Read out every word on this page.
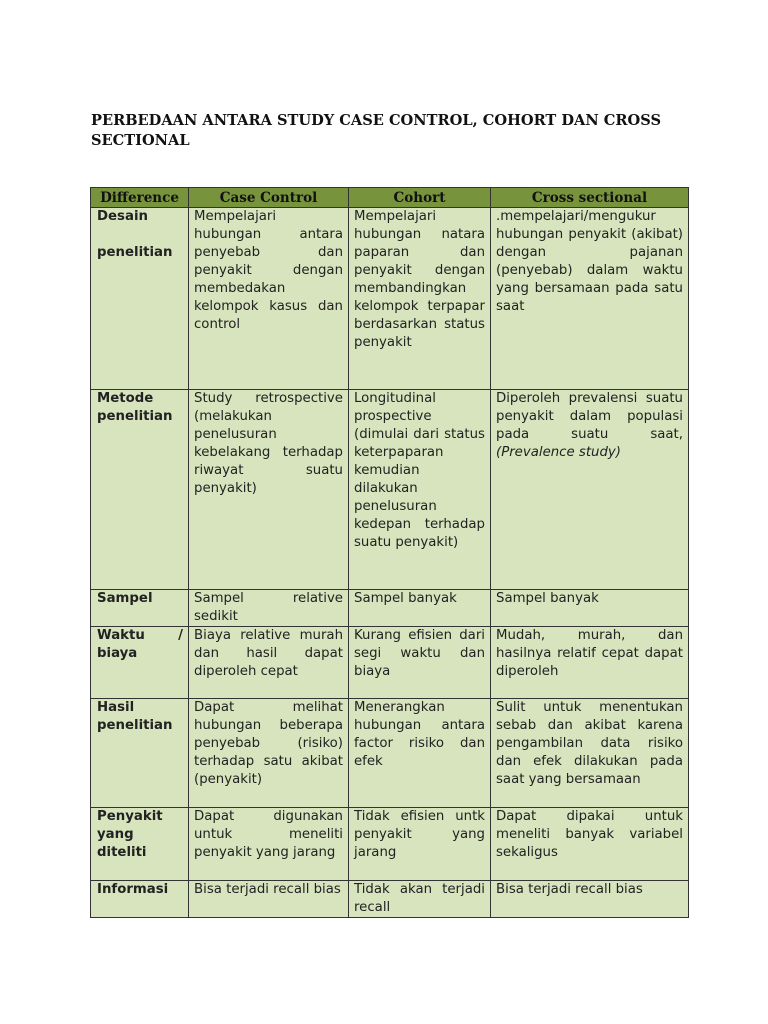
PERBEDAAN ANTARA STUDY CASE CONTROL, COHORT DAN CROSS SECTIONAL
Difference	Case Control	Cohort	Cross sectional
Desain
penelitian	Mempelajari hubungan antara penyebab dan penyakit dengan membedakan kelompok kasus dan control	Mempelajari hubungan natara paparan dan penyakit dengan membandingkan kelompok terpapar berdasarkan status penyakit	.mempelajari/mengukur hubungan penyakit (akibat) dengan pajanan (penyebab) dalam waktu yang bersamaan pada satu saat
Metode penelitian	Study retrospective (melakukan penelusuran kebelakang terhadap riwayat suatu penyakit)	Longitudinal prospective (dimulai dari status keterpaparan kemudian dilakukan penelusuran kedepan terhadap suatu penyakit)	Diperoleh prevalensi suatu penyakit dalam populasi pada suatu saat, (Prevalence study)
Sampel	Sampel relative sedikit	Sampel banyak	Sampel banyak
Waktu / biaya	Biaya relative murah dan hasil dapat diperoleh cepat	Kurang efisien dari segi waktu dan biaya	Mudah, murah, dan hasilnya relatif cepat dapat diperoleh
Hasil penelitian	Dapat melihat hubungan beberapa penyebab (risiko) terhadap satu akibat (penyakit)	Menerangkan hubungan antara factor risiko dan efek	Sulit untuk menentukan sebab dan akibat karena pengambilan data risiko dan efek dilakukan pada saat yang bersamaan
Penyakit yang diteliti	Dapat digunakan untuk meneliti penyakit yang jarang	Tidak efisien untk penyakit yang jarang	Dapat dipakai untuk meneliti banyak variabel sekaligus
Informasi	Bisa terjadi recall bias	Tidak akan terjadi recall	Bisa terjadi recall bias
